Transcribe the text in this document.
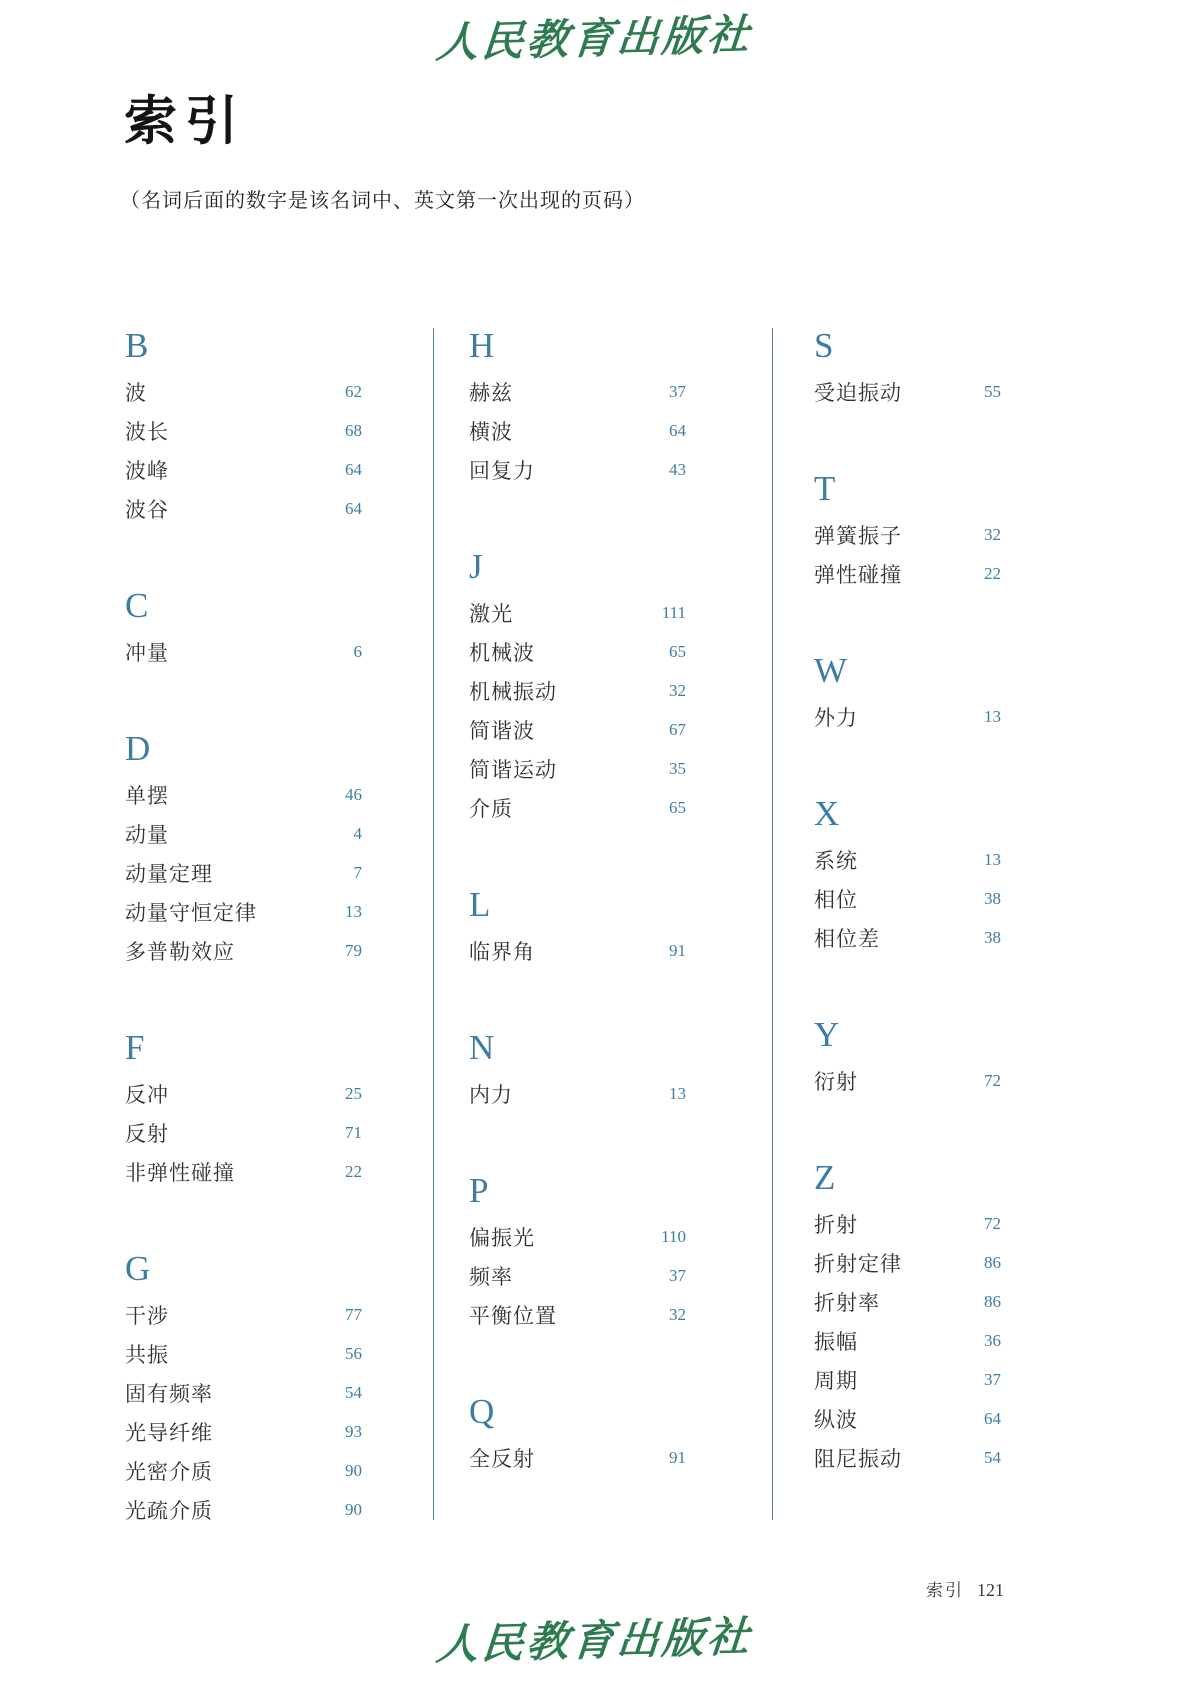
人民教育出版社
索引
（名词后面的数字是该名词中、英文第一次出现的页码）
B
波	62
波长	68
波峰	64
波谷	64
C
冲量	6
D
单摆	46
动量	4
动量定理	7
动量守恒定律	13
多普勒效应	79
F
反冲	25
反射	71
非弹性碰撞	22
G
干涉	77
共振	56
固有频率	54
光导纤维	93
光密介质	90
光疏介质	90
H
赫兹	37
横波	64
回复力	43
J
激光	111
机械波	65
机械振动	32
简谐波	67
简谐运动	35
介质	65
L
临界角	91
N
内力	13
P
偏振光	110
频率	37
平衡位置	32
Q
全反射	91
S
受迫振动	55
T
弹簧振子	32
弹性碰撞	22
W
外力	13
X
系统	13
相位	38
相位差	38
Y
衍射	72
Z
折射	72
折射定律	86
折射率	86
振幅	36
周期	37
纵波	64
阻尼振动	54
索引 121
人民教育出版社
